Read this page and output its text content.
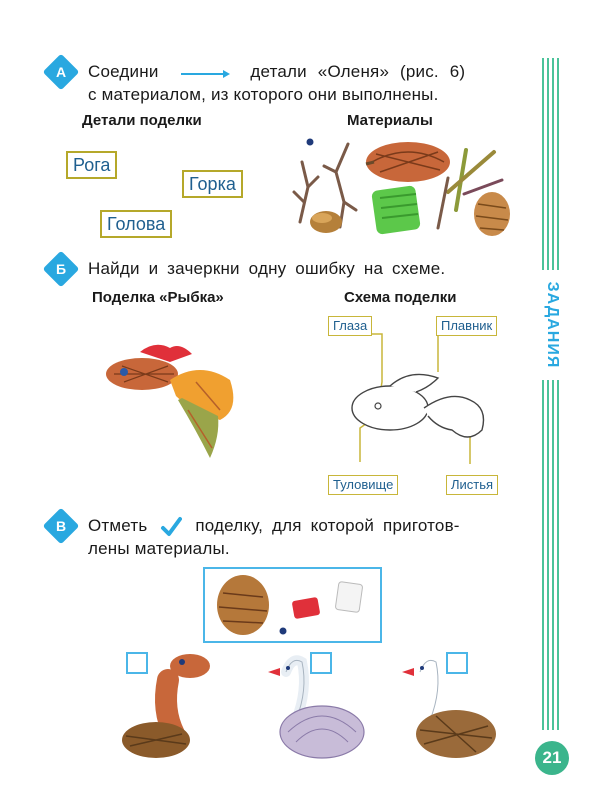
ЗАДАНИЯ
21
А	Соедини	детали «Оленя» (рис. 6)
с материалом, из которого они выполнены.
Детали поделки	Материалы
Рога
Горка
Голова
Б	Найди и зачеркни одну ошибку на схеме.
Поделка «Рыбка»	Схема поделки
Глаза	Плавник
Туловище	Листья
В	Отметь	поделку, для которой приготов-
лены материалы.
